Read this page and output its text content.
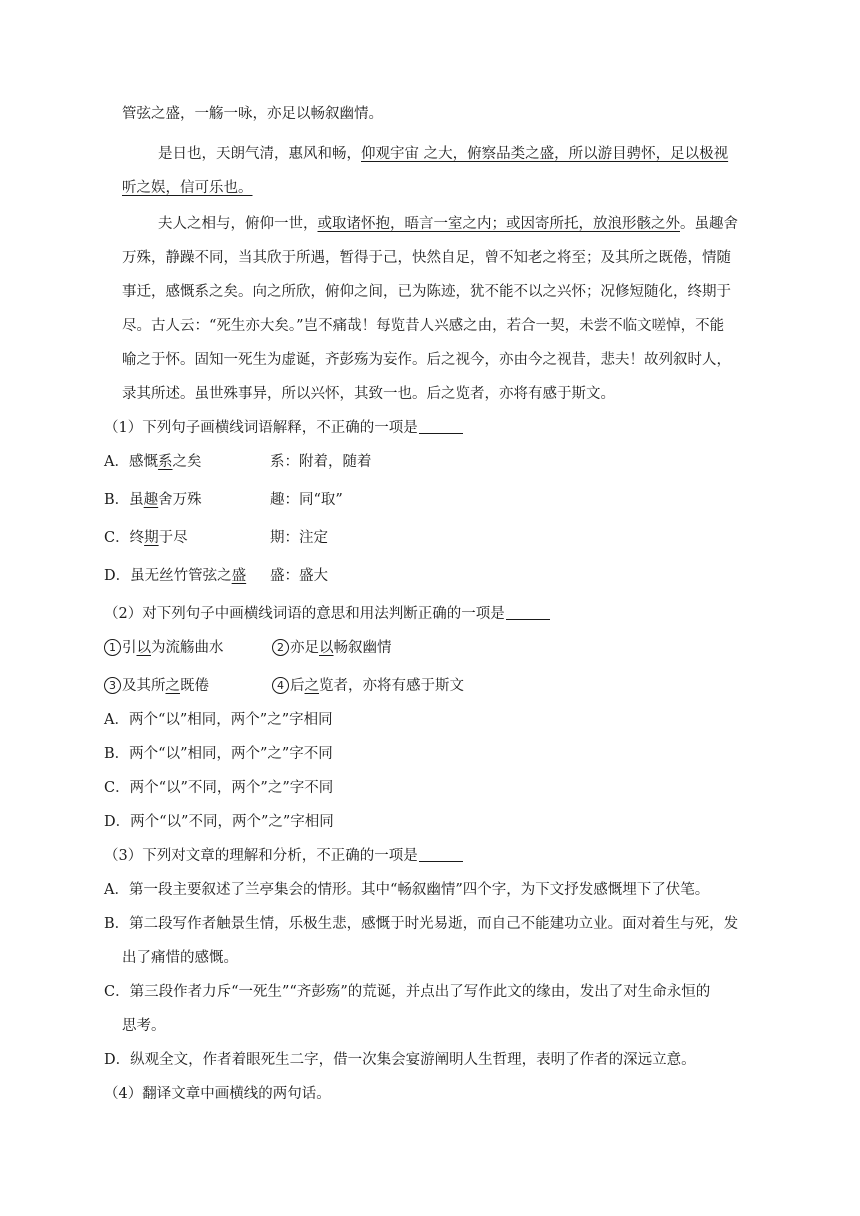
管弦之盛，一觞一咏，亦足以畅叙幽情。
是日也，天朗气清，惠风和畅，仰观宇宙 之大，俯察品类之盛，所以游目骋怀，足以极视
听之娱，信可乐也。
夫人之相与，俯仰一世，或取诸怀抱，晤言一室之内；或因寄所托，放浪形骸之外。虽趣舍
万殊，静躁不同，当其欣于所遇，暂得于己，快然自足，曾不知老之将至；及其所之既倦，情随
事迁，感慨系之矣。向之所欣，俯仰之间，已为陈迹，犹不能不以之兴怀；况修短随化，终期于
尽。古人云：“死生亦大矣。”岂不痛哉！每览昔人兴感之由，若合一契，未尝不临文嗟悼，不能
喻之于怀。固知一死生为虚诞，齐彭殇为妄作。后之视今，亦由今之视昔，悲夫！故列叙时人，
录其所述。虽世殊事异，所以兴怀，其致一也。后之览者，亦将有感于斯文。
（1）下列句子画横线词语解释，不正确的一项是
A．感慨系之矣	系：附着，随着
B．虽趣舍万殊	趣：同“取”
C．终期于尽	期：注定
D．虽无丝竹管弦之盛 盛：盛大
（2）对下列句子中画横线词语的意思和用法判断正确的一项是
1 引以为流觞曲水	2 亦足以畅叙幽情
3 及其所之既倦	4 后之览者，亦将有感于斯文
A．两个“以”相同，两个”之”字相同
B．两个“以”相同，两个”之”字不同
C．两个“以”不同，两个”之”字不同
D．两个“以”不同，两个”之”字相同
（3）下列对文章的理解和分析，不正确的一项是
A．第一段主要叙述了兰亭集会的情形。其中“畅叙幽情”四个字，为下文抒发感慨埋下了伏笔。
B．第二段写作者触景生情，乐极生悲，感慨于时光易逝，而自己不能建功立业。面对着生与死，发
出了痛惜的感慨。
C．第三段作者力斥“一死生”“齐彭殇”的荒诞，并点出了写作此文的缘由，发出了对生命永恒的
思考。
D．纵观全文，作者着眼死生二字，借一次集会宴游阐明人生哲理，表明了作者的深远立意。
（4）翻译文章中画横线的两句话。
